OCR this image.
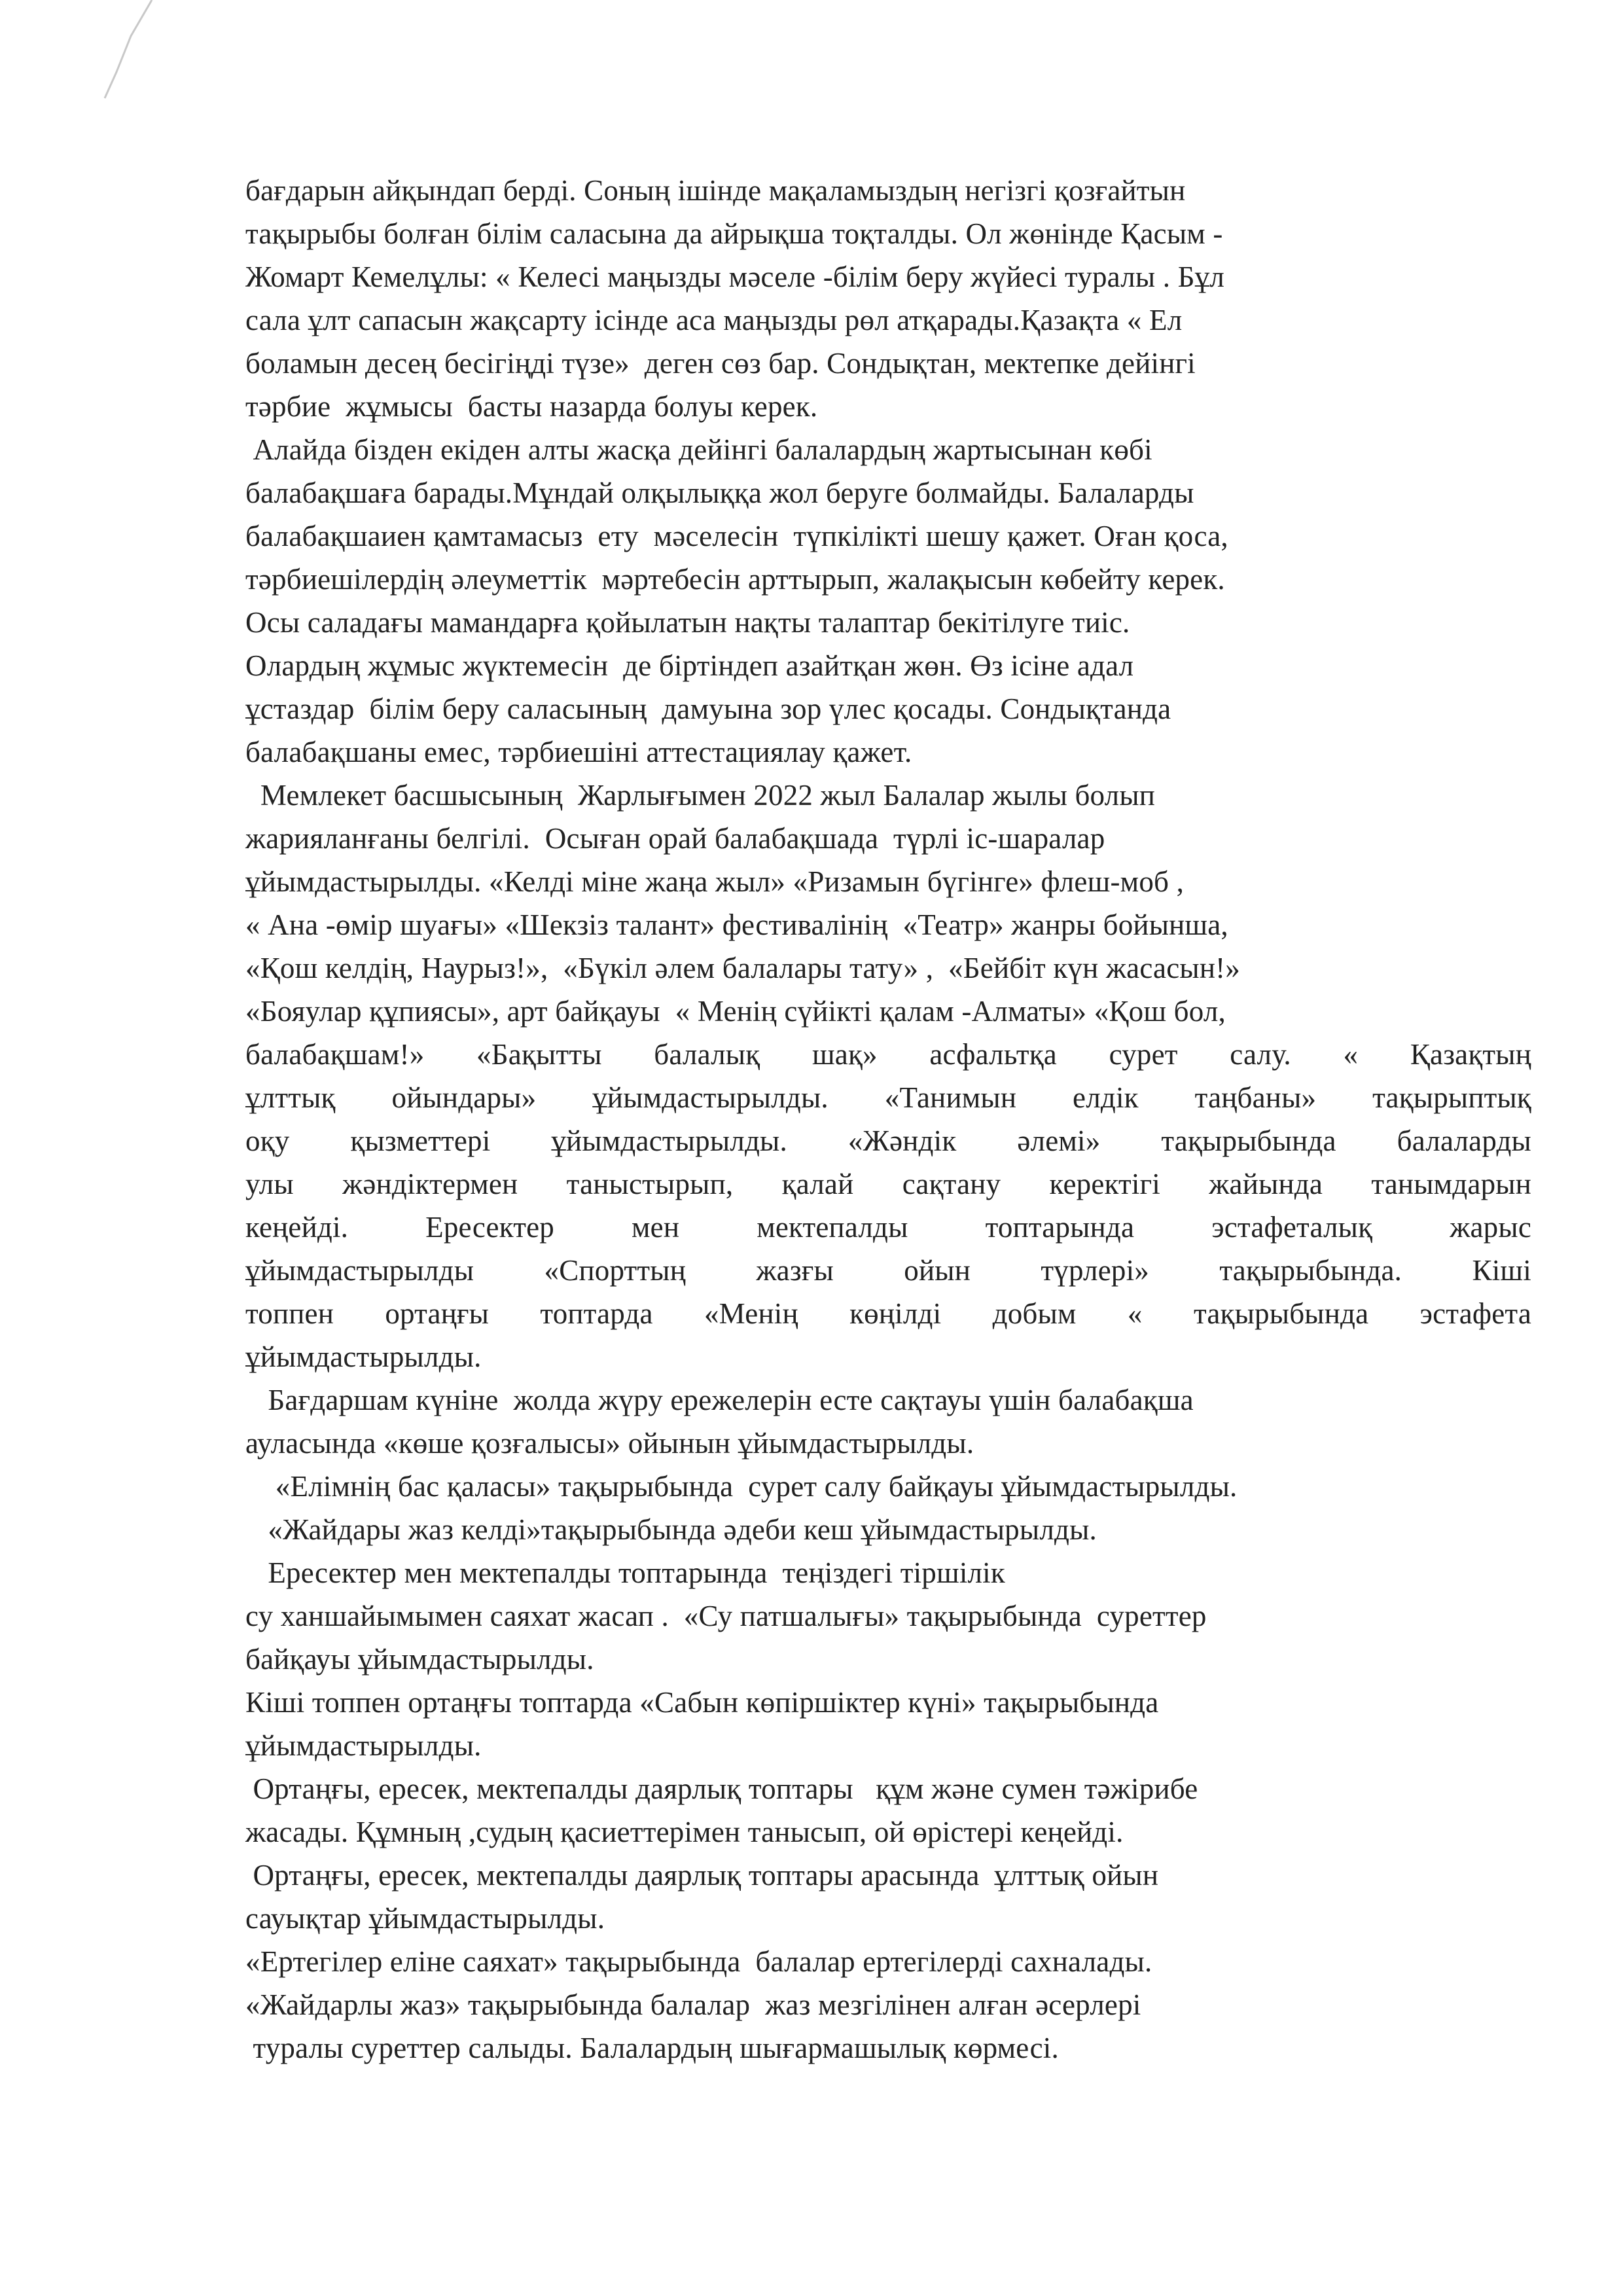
бағдарын айқындап берді. Соның ішінде мақаламыздың негізгі қозғайтын
тақырыбы болған білім саласына да айрықша тоқталды. Ол жөнінде Қасым -
Жомарт Кемелұлы: « Келесі маңызды мәселе -білім беру жүйесі туралы . Бұл
сала ұлт сапасын жақсарту ісінде аса маңызды рөл атқарады.Қазақта « Ел
боламын десең бесігіңді түзе»  деген сөз бар. Сондықтан, мектепке дейінгі
тәрбие  жұмысы  басты назарда болуы керек.
Алайда бізден екіден алты жасқа дейінгі балалардың жартысынан көбі
балабақшаға барады.Мұндай олқылыққа жол беруге болмайды. Балаларды
балабақшаиен қамтамасыз  ету  мәселесін  түпкілікті шешу қажет. Оған қоса,
тәрбиешілердің әлеуметтік  мәртебесін арттырып, жалақысын көбейту керек.
Осы саладағы мамандарға қойылатын нақты талаптар бекітілуге тиіс.
Олардың жұмыс жүктемесін  де біртіндеп азайтқан жөн. Өз ісіне адал
ұстаздар  білім беру саласының  дамуына зор үлес қосады. Сондықтанда
балабақшаны емес, тәрбиешіні аттестациялау қажет.
Мемлекет басшысының  Жарлығымен 2022 жыл Балалар жылы болып
жарияланғаны белгілі.  Осыған орай балабақшада  түрлі іс-шаралар
ұйымдастырылды. «Келді міне жаңа жыл» «Ризамын бүгінге» флеш-моб ,
« Ана -өмір шуағы» «Шекзіз талант» фестивалінің  «Театр» жанры бойынша,
«Қош келдің, Наурыз!»,  «Бүкіл әлем балалары тату» ,  «Бейбіт күн жасасын!»
«Бояулар құпиясы», арт байқауы  « Менің сүйікті қалам -Алматы» «Қош бол,
балабақшам!» «Бақытты балалық шақ» асфальтқа сурет салу. « Қазақтың
ұлттық ойындары» ұйымдастырылды. «Танимын елдік таңбаны» тақырыптық
оқу қызметтері ұйымдастырылды. «Жәндік әлемі» тақырыбында балаларды
улы жәндіктермен таныстырып, қалай сақтану керектігі жайында танымдарын
кеңейді. Ересектер мен мектепалды топтарында эстафеталық жарыс
ұйымдастырылды «Спорттың жазғы ойын түрлері» тақырыбында. Кіші
топпен ортаңғы топтарда «Менің көңілді добым « тақырыбында эстафета
ұйымдастырылды.
Бағдаршам күніне  жолда жүру ережелерін есте сақтауы үшін балабақша
ауласында «көше қозғалысы» ойынын ұйымдастырылды.
«Елімнің бас қаласы» тақырыбында  сурет салу байқауы ұйымдастырылды.
«Жайдары жаз келді»тақырыбында әдеби кеш ұйымдастырылды.
Ересектер мен мектепалды топтарында  теңіздегі тіршілік
су ханшайымымен саяхат жасап .  «Су патшалығы» тақырыбында  суреттер
байқауы ұйымдастырылды.
Кіші топпен ортаңғы топтарда «Сабын көпіршіктер күні» тақырыбында
ұйымдастырылды.
Ортаңғы, ересек, мектепалды даярлық топтары   құм және сумен тәжірибе
жасады. Құмның ,судың қасиеттерімен танысып, ой өрістері кеңейді.
Ортаңғы, ересек, мектепалды даярлық топтары арасында  ұлттық ойын
сауықтар ұйымдастырылды.
«Ертегілер еліне саяхат» тақырыбында  балалар ертегілерді сахналады.
«Жайдарлы жаз» тақырыбында балалар  жаз мезгілінен алған әсерлері
туралы суреттер салыды. Балалардың шығармашылық көрмесі.
